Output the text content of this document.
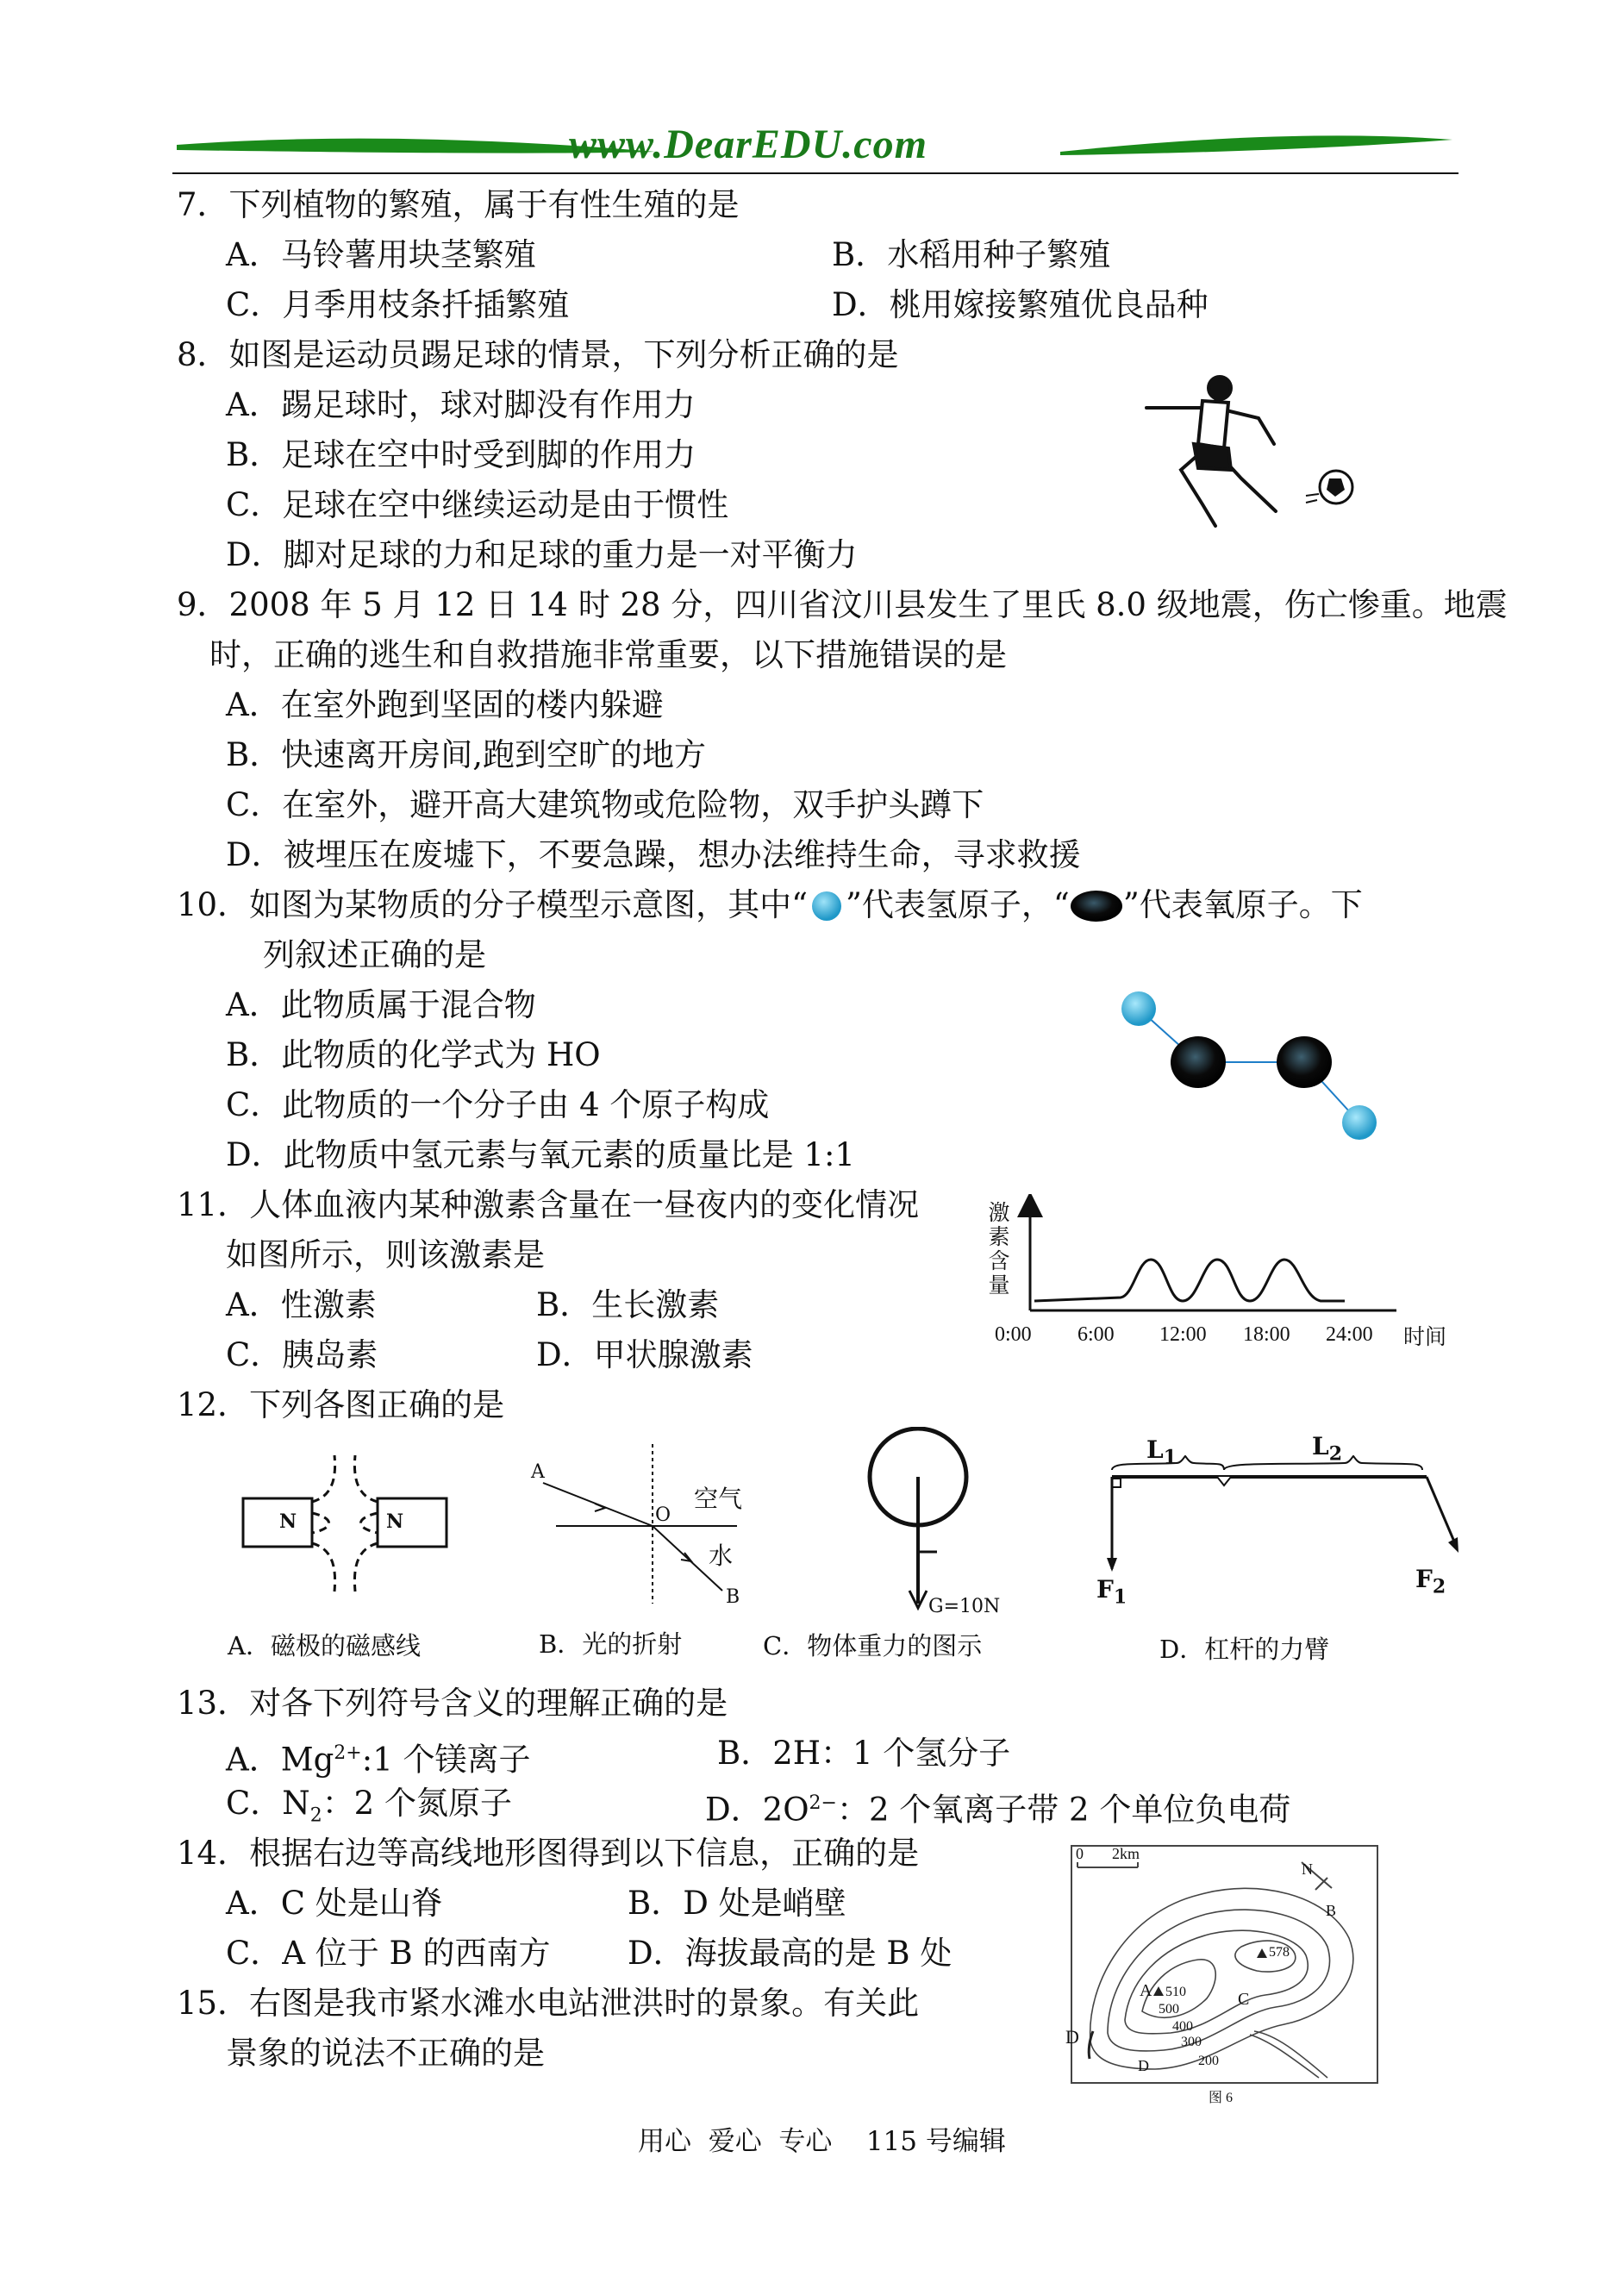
www.DearEDU.com
7．下列植物的繁殖，属于有性生殖的是
A．马铃薯用块茎繁殖	B．水稻用种子繁殖
C．月季用枝条扦插繁殖	D．桃用嫁接繁殖优良品种
8．如图是运动员踢足球的情景，下列分析正确的是
A．踢足球时，球对脚没有作用力
B．足球在空中时受到脚的作用力
C．足球在空中继续运动是由于惯性
D．脚对足球的力和足球的重力是一对平衡力
9．2008 年 5 月 12 日 14 时 28 分，四川省汶川县发生了里氏 8.0 级地震，伤亡惨重。地震
时，正确的逃生和自救措施非常重要，以下措施错误的是
A．在室外跑到坚固的楼内躲避
B．快速离开房间,跑到空旷的地方
C．在室外，避开高大建筑物或危险物，双手护头蹲下
D．被埋压在废墟下，不要急躁，想办法维持生命，寻求救援
10．如图为某物质的分子模型示意图，其中“ ”代表氢原子，“ ”代表氧原子。下
列叙述正确的是
A．此物质属于混合物
B．此物质的化学式为 HO
C．此物质的一个分子由 4 个原子构成
D．此物质中氢元素与氧元素的质量比是 1:1
11．人体血液内某种激素含量在一昼夜内的变化情况
如图所示，则该激素是
A．性激素	B．生长激素
C．胰岛素	D．甲状腺激素
激
素
含
量
0:00 6:00 12:00 18:00 24:00 时间
12．下列各图正确的是
N	N
A．磁极的磁感线
A
O
空气
水
B
B．光的折射
G=10N
C．物体重力的图示
$L_1$	$L_2$
$F_1$
$F_2$
D．杠杆的力臂
13．对各下列符号含义的理解正确的是
A．$Mg^{2+}:1$ 个镁离子	B．2H：1 个氢分子
C．$N_2$：2 个氮原子	D．$2O^{2-}$：2 个氧离子带 2 个单位负电荷
14．根据右边等高线地形图得到以下信息，正确的是
A．C 处是山脊	B．D 处是峭壁
C．A 位于 B 的西南方 D．海拔最高的是 B 处
15．右图是我市紧水滩水电站泄洪时的景象。有关此
景象的说法不正确的是
0 2km
N
A
B
C
D
D
510
578
500
400
300
200
图 6
用心  爱心  专心    115 号编辑
